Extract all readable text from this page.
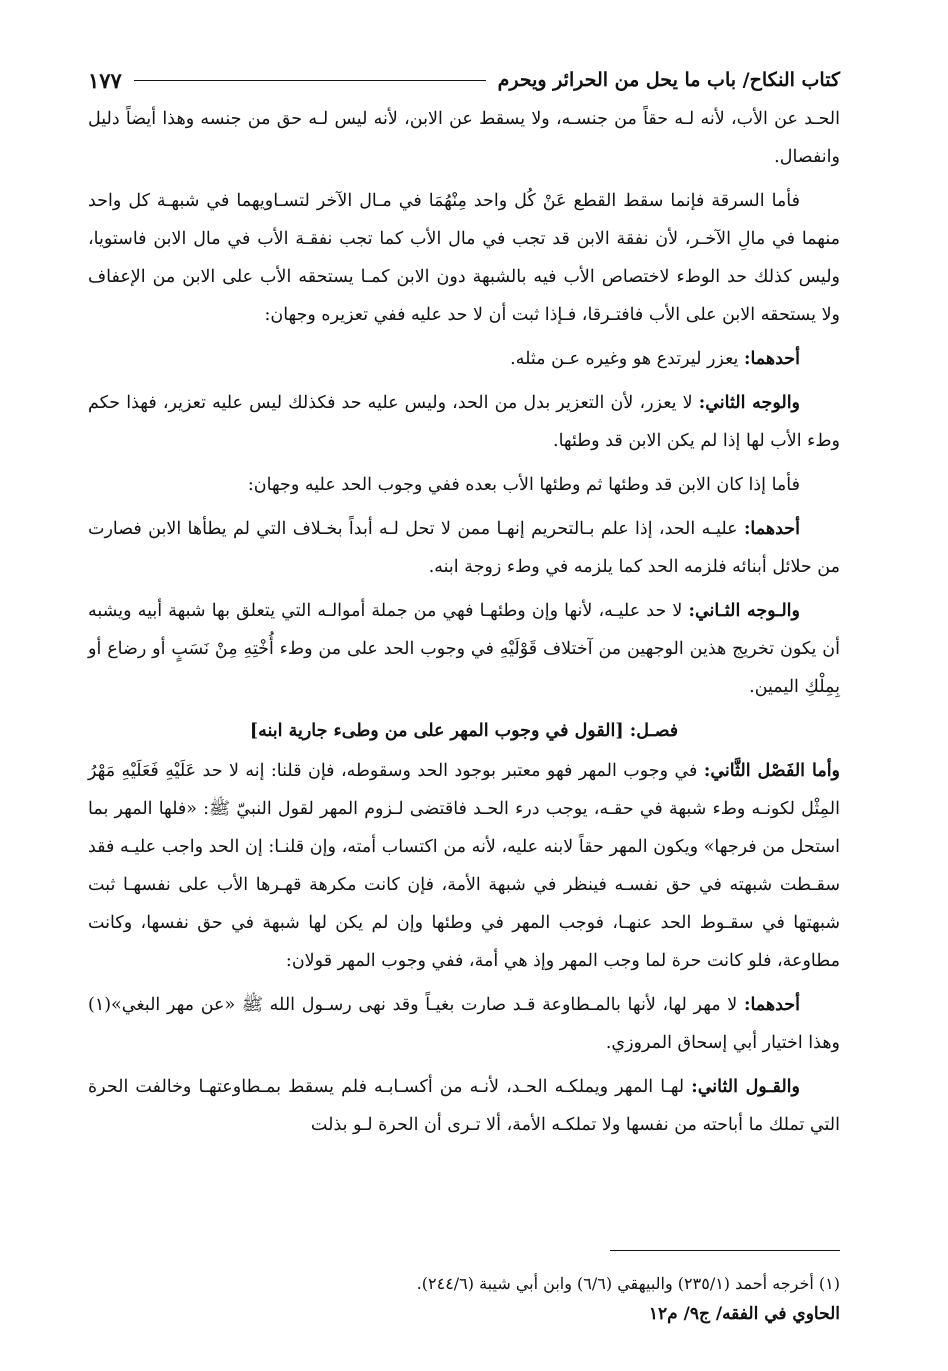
كتاب النكاح/ باب ما يحل من الحرائر ويحرم
١٧٧

الحـد عن الأب، لأنه لـه حقاً من جنسـه، ولا يسقط عن الابن، لأنه ليس لـه حق من جنسه وهذا أيضاً دليل وانفصال.

فأما السرقة فإنما سقط القطع عَنْ كُل واحد مِنْهُمَا في مـال الآخر لتسـاويهما في شبهـة كل واحد منهما في مالِ الآخـر، لأن نفقة الابن قد تجب في مال الأب كما تجب نفقـة الأب في مال الابن فاستويا، وليس كذلك حد الوطء لاختصاص الأب فيه بالشبهة دون الابن كمـا يستحقه الأب على الابن من الإعفاف ولا يستحقه الابن على الأب فافتـرقا، فـإذا ثبت أن لا حد عليه ففي تعزيره وجهان:

أحدهما: يعزر ليرتدع هو وغيره عـن مثله.

والوجه الثاني: لا يعزر، لأن التعزير بدل من الحد، وليس عليه حد فكذلك ليس عليه تعزير، فهذا حكم وطء الأب لها إذا لم يكن الابن قد وطئها.

فأما إذا كان الابن قد وطئها ثم وطئها الأب بعده ففي وجوب الحد عليه وجهان:

أحدهما: عليـه الحد، إذا علم بـالتحريم إنهـا ممن لا تحل لـه أبداً بخـلاف التي لم يطأها الابن فصارت من حلائل أبنائه فلزمه الحد كما يلزمه في وطء زوجة ابنه.

والـوجه الثـاني: لا حد عليـه، لأنها وإن وطئهـا فهي من جملة أموالـه التي يتعلق بها شبهة أبيه ويشبه أن يكون تخريج هذين الوجهين من آختلاف قَوْلَيْهِ في وجوب الحد على من وطء أُخْتِهِ مِنْ نَسَبٍ أو رضاع أو بِمِلْكِ اليمين.

فصـل: [القول في وجوب المهر على من وطىء جارية ابنه]

وأما الفَصْل الثَّاني: في وجوب المهر فهو معتبر بوجود الحد وسقوطه، فإن قلنا: إنه لا حد عَلَيْهِ فَعَلَيْهِ مَهْرُ المِثْل لكونـه وطء شبهة في حقـه، يوجب درء الحـد فاقتضى لـزوم المهر لقول النبيّ ﷺ: «فلها المهر بما استحل من فرجها» ويكون المهر حقاً لابنه عليه، لأنه من اكتساب أمته، وإن قلنـا: إن الحد واجب عليـه فقد سقـطت شبهته في حق نفسـه فينظر في شبهة الأمة، فإن كانت مكرهة قهـرها الأب على نفسهـا ثبت شبهتها في سقـوط الحد عنهـا، فوجب المهر في وطئها وإن لم يكن لها شبهة في حق نفسها، وكانت مطاوعة، فلو كانت حرة لما وجب المهر وإذ هي أمة، ففي وجوب المهر قولان:

أحدهما: لا مهر لها، لأنها بالمـطاوعة قـد صارت بغيـاً وقد نهى رسـول الله ﷺ «عن مهر البغي»(١) وهذا اختيار أبي إسحاق المروزي.

والقـول الثاني: لهـا المهر ويملكـه الحـد، لأنـه من أكسـابـه فلم يسقط بمـطاوعتهـا وخالفت الحرة التي تملك ما أباحته من نفسها ولا تملكـه الأمة، ألا تـرى أن الحرة لـو بذلت

(١) أخرجه أحمد (٢٣٥/١) والبيهقي (٦/٦) وابن أبي شيبة (٢٤٤/٦).
الحاوي في الفقه/ ج٩/ م١٢
